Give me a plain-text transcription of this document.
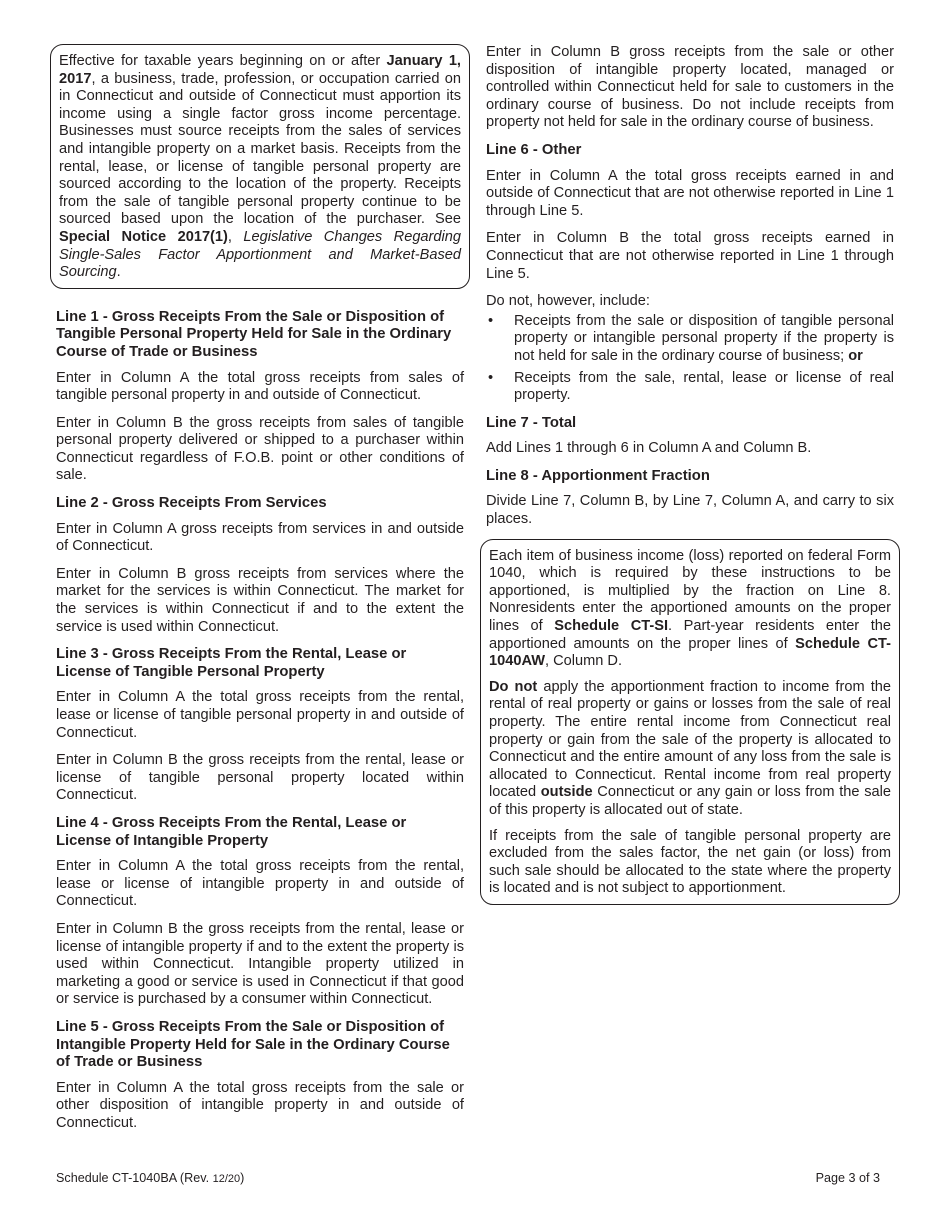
Effective for taxable years beginning on or after January 1, 2017, a business, trade, profession, or occupation carried on in Connecticut and outside of Connecticut must apportion its income using a single factor gross income percentage. Businesses must source receipts from the sales of services and intangible property on a market basis. Receipts from the rental, lease, or license of tangible personal property are sourced according to the location of the property. Receipts from the sale of tangible personal property continue to be sourced based upon the location of the purchaser. See Special Notice 2017(1), Legislative Changes Regarding Single-Sales Factor Apportionment and Market-Based Sourcing.

Line 1 - Gross Receipts From the Sale or Disposition of Tangible Personal Property Held for Sale in the Ordinary Course of Trade or Business

Enter in Column A the total gross receipts from sales of tangible personal property in and outside of Connecticut.

Enter in Column B the gross receipts from sales of tangible personal property delivered or shipped to a purchaser within Connecticut regardless of F.O.B. point or other conditions of sale.

Line 2 - Gross Receipts From Services

Enter in Column A gross receipts from services in and outside of Connecticut.

Enter in Column B gross receipts from services where the market for the services is within Connecticut. The market for the services is within Connecticut if and to the extent the service is used within Connecticut.

Line 3 - Gross Receipts From the Rental, Lease or License of Tangible Personal Property

Enter in Column A the total gross receipts from the rental, lease or license of tangible personal property in and outside of Connecticut.

Enter in Column B the gross receipts from the rental, lease or license of tangible personal property located within Connecticut.

Line 4 - Gross Receipts From the Rental, Lease or License of Intangible Property

Enter in Column A the total gross receipts from the rental, lease or license of intangible property in and outside of Connecticut.

Enter in Column B the gross receipts from the rental, lease or license of intangible property if and to the extent the property is used within Connecticut. Intangible property utilized in marketing a good or service is used in Connecticut if that good or service is purchased by a consumer within Connecticut.

Line 5 - Gross Receipts From the Sale or Disposition of Intangible Property Held for Sale in the Ordinary Course of Trade or Business

Enter in Column A the total gross receipts from the sale or other disposition of intangible property in and outside of Connecticut.

Enter in Column B gross receipts from the sale or other disposition of intangible property located, managed or controlled within Connecticut held for sale to customers in the ordinary course of business. Do not include receipts from property not held for sale in the ordinary course of business.

Line 6 - Other

Enter in Column A the total gross receipts earned in and outside of Connecticut that are not otherwise reported in Line 1 through Line 5.

Enter in Column B the total gross receipts earned in Connecticut that are not otherwise reported in Line 1 through Line 5.

Do not, however, include:

• Receipts from the sale or disposition of tangible personal property or intangible personal property if the property is not held for sale in the ordinary course of business; or
• Receipts from the sale, rental, lease or license of real property.
Line 7 - Total

Add Lines 1 through 6 in Column A and Column B.

Line 8 - Apportionment Fraction

Divide Line 7, Column B, by Line 7, Column A, and carry to six places.

Each item of business income (loss) reported on federal Form 1040, which is required by these instructions to be apportioned, is multiplied by the fraction on Line 8. Nonresidents enter the apportioned amounts on the proper lines of Schedule CT-SI. Part-year residents enter the apportioned amounts on the proper lines of Schedule CT-1040AW, Column D.

Do not apply the apportionment fraction to income from the rental of real property or gains or losses from the sale of real property. The entire rental income from Connecticut real property or gain from the sale of the property is allocated to Connecticut and the entire amount of any loss from the sale is allocated to Connecticut. Rental income from real property located outside Connecticut or any gain or loss from the sale of this property is allocated out of state.

If receipts from the sale of tangible personal property are excluded from the sales factor, the net gain (or loss) from such sale should be allocated to the state where the property is located and is not subject to apportionment.

Schedule CT-1040BA (Rev. 12/20)	Page 3 of 3
